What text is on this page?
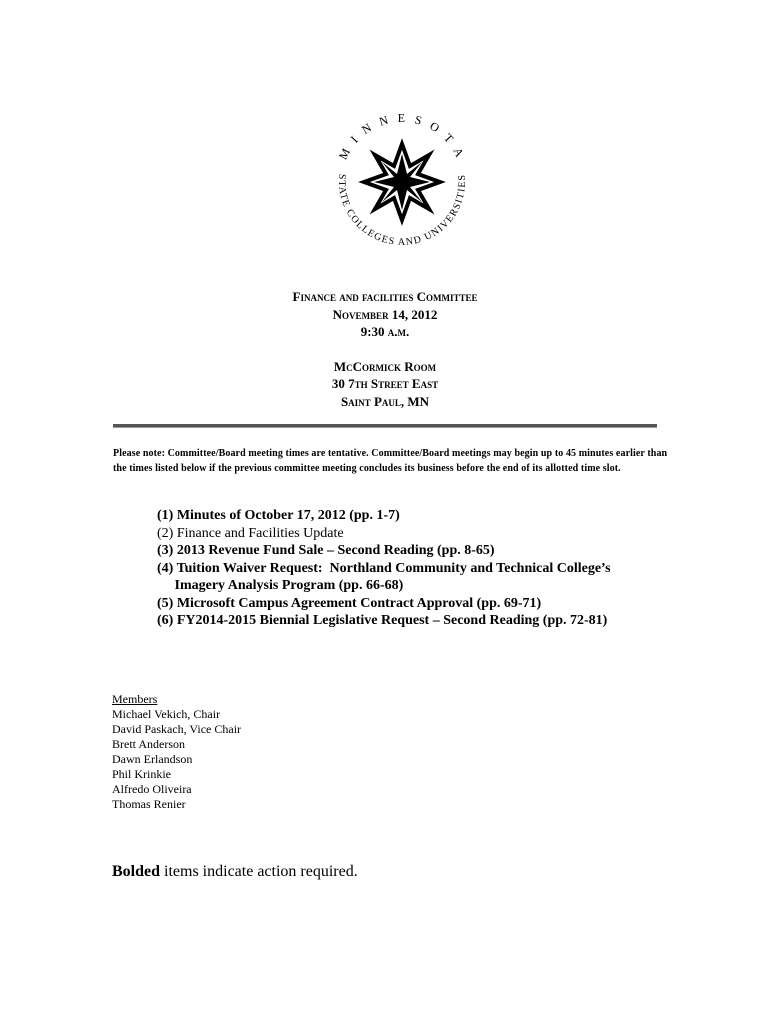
M I N N E S O T A
STATE COLLEGES AND UNIVERSITIES
Finance and facilities Committee
November 14, 2012
9:30 a.m.
McCormick Room
30 7th Street East
Saint Paul, MN
Please note: Committee/Board meeting times are tentative. Committee/Board meetings may begin up to 45 minutes earlier than the times listed below if the previous committee meeting concludes its business before the end of its allotted time slot.
(1) Minutes of October 17, 2012 (pp. 1-7)
(2) Finance and Facilities Update
(3) 2013 Revenue Fund Sale – Second Reading (pp. 8-65)
(4) Tuition Waiver Request:  Northland Community and Technical College’s
Imagery Analysis Program (pp. 66-68)
(5) Microsoft Campus Agreement Contract Approval (pp. 69-71)
(6) FY2014-2015 Biennial Legislative Request – Second Reading (pp. 72-81)
Members
Michael Vekich, Chair
David Paskach, Vice Chair
Brett Anderson
Dawn Erlandson
Phil Krinkie
Alfredo Oliveira
Thomas Renier
Bolded items indicate action required.
